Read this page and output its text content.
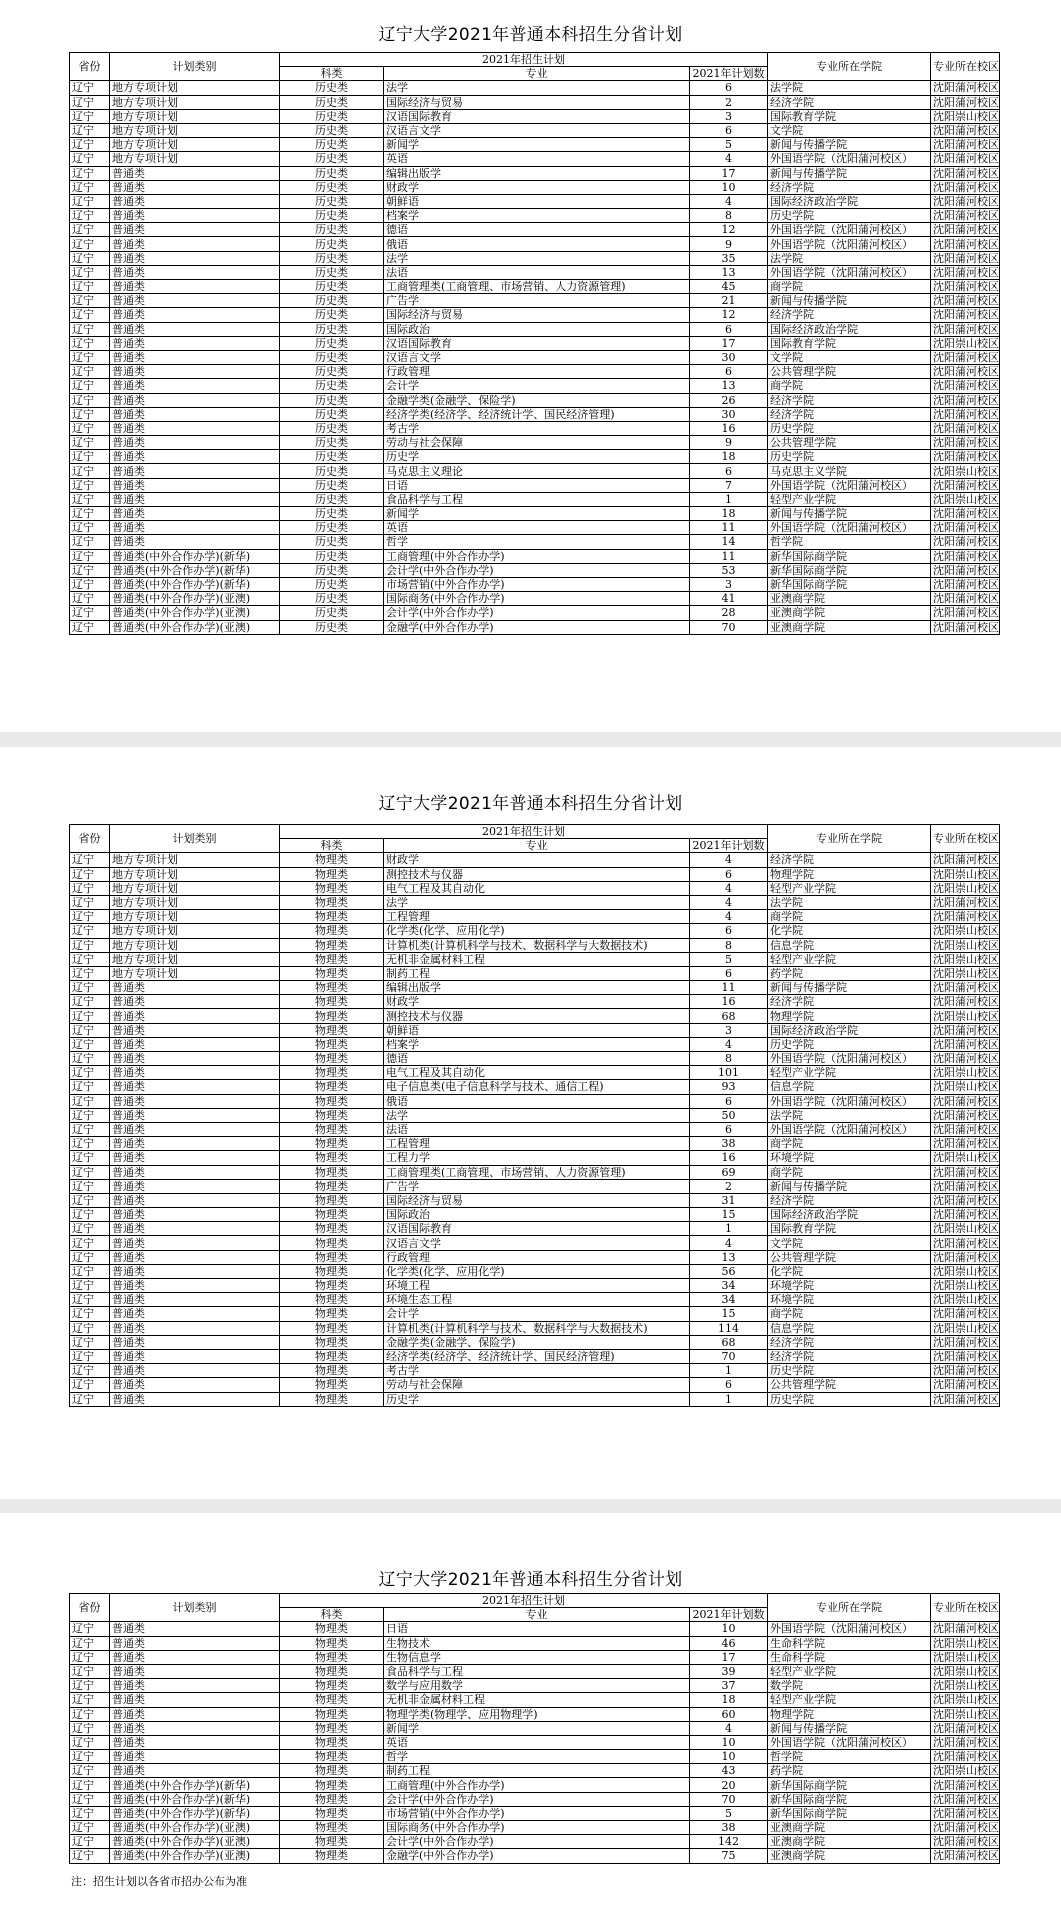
辽宁大学2021年普通本科招生分省计划
省份	计划类别	2021年招生计划			专业所在学院	专业所在校区
		科类	专业	2021年计划数		
辽宁	地方专项计划	历史类	法学	6	法学院	沈阳蒲河校区
辽宁	地方专项计划	历史类	国际经济与贸易	2	经济学院	沈阳蒲河校区
辽宁	地方专项计划	历史类	汉语国际教育	3	国际教育学院	沈阳崇山校区
辽宁	地方专项计划	历史类	汉语言文学	6	文学院	沈阳蒲河校区
辽宁	地方专项计划	历史类	新闻学	5	新闻与传播学院	沈阳蒲河校区
辽宁	地方专项计划	历史类	英语	4	外国语学院（沈阳蒲河校区）	沈阳蒲河校区
辽宁	普通类	历史类	编辑出版学	17	新闻与传播学院	沈阳蒲河校区
辽宁	普通类	历史类	财政学	10	经济学院	沈阳蒲河校区
辽宁	普通类	历史类	朝鲜语	4	国际经济政治学院	沈阳蒲河校区
辽宁	普通类	历史类	档案学	8	历史学院	沈阳蒲河校区
辽宁	普通类	历史类	德语	12	外国语学院（沈阳蒲河校区）	沈阳蒲河校区
辽宁	普通类	历史类	俄语	9	外国语学院（沈阳蒲河校区）	沈阳蒲河校区
辽宁	普通类	历史类	法学	35	法学院	沈阳蒲河校区
辽宁	普通类	历史类	法语	13	外国语学院（沈阳蒲河校区）	沈阳蒲河校区
辽宁	普通类	历史类	工商管理类(工商管理、市场营销、人力资源管理)	45	商学院	沈阳蒲河校区
辽宁	普通类	历史类	广告学	21	新闻与传播学院	沈阳蒲河校区
辽宁	普通类	历史类	国际经济与贸易	12	经济学院	沈阳蒲河校区
辽宁	普通类	历史类	国际政治	6	国际经济政治学院	沈阳蒲河校区
辽宁	普通类	历史类	汉语国际教育	17	国际教育学院	沈阳崇山校区
辽宁	普通类	历史类	汉语言文学	30	文学院	沈阳蒲河校区
辽宁	普通类	历史类	行政管理	6	公共管理学院	沈阳蒲河校区
辽宁	普通类	历史类	会计学	13	商学院	沈阳蒲河校区
辽宁	普通类	历史类	金融学类(金融学、保险学)	26	经济学院	沈阳蒲河校区
辽宁	普通类	历史类	经济学类(经济学、经济统计学、国民经济管理)	30	经济学院	沈阳蒲河校区
辽宁	普通类	历史类	考古学	16	历史学院	沈阳蒲河校区
辽宁	普通类	历史类	劳动与社会保障	9	公共管理学院	沈阳蒲河校区
辽宁	普通类	历史类	历史学	18	历史学院	沈阳蒲河校区
辽宁	普通类	历史类	马克思主义理论	6	马克思主义学院	沈阳崇山校区
辽宁	普通类	历史类	日语	7	外国语学院（沈阳蒲河校区）	沈阳蒲河校区
辽宁	普通类	历史类	食品科学与工程	1	轻型产业学院	沈阳崇山校区
辽宁	普通类	历史类	新闻学	18	新闻与传播学院	沈阳蒲河校区
辽宁	普通类	历史类	英语	11	外国语学院（沈阳蒲河校区）	沈阳蒲河校区
辽宁	普通类	历史类	哲学	14	哲学院	沈阳蒲河校区
辽宁	普通类(中外合作办学)(新华)	历史类	工商管理(中外合作办学)	11	新华国际商学院	沈阳蒲河校区
辽宁	普通类(中外合作办学)(新华)	历史类	会计学(中外合作办学)	53	新华国际商学院	沈阳蒲河校区
辽宁	普通类(中外合作办学)(新华)	历史类	市场营销(中外合作办学)	3	新华国际商学院	沈阳蒲河校区
辽宁	普通类(中外合作办学)(亚澳)	历史类	国际商务(中外合作办学)	41	亚澳商学院	沈阳蒲河校区
辽宁	普通类(中外合作办学)(亚澳)	历史类	会计学(中外合作办学)	28	亚澳商学院	沈阳蒲河校区
辽宁	普通类(中外合作办学)(亚澳)	历史类	金融学(中外合作办学)	70	亚澳商学院	沈阳蒲河校区
辽宁大学2021年普通本科招生分省计划
省份	计划类别	2021年招生计划			专业所在学院	专业所在校区
		科类	专业	2021年计划数		
辽宁	地方专项计划	物理类	财政学	4	经济学院	沈阳蒲河校区
辽宁	地方专项计划	物理类	测控技术与仪器	6	物理学院	沈阳崇山校区
辽宁	地方专项计划	物理类	电气工程及其自动化	4	轻型产业学院	沈阳崇山校区
辽宁	地方专项计划	物理类	法学	4	法学院	沈阳蒲河校区
辽宁	地方专项计划	物理类	工程管理	4	商学院	沈阳蒲河校区
辽宁	地方专项计划	物理类	化学类(化学、应用化学)	6	化学院	沈阳崇山校区
辽宁	地方专项计划	物理类	计算机类(计算机科学与技术、数据科学与大数据技术)	8	信息学院	沈阳崇山校区
辽宁	地方专项计划	物理类	无机非金属材料工程	5	轻型产业学院	沈阳崇山校区
辽宁	地方专项计划	物理类	制药工程	6	药学院	沈阳崇山校区
辽宁	普通类	物理类	编辑出版学	11	新闻与传播学院	沈阳蒲河校区
辽宁	普通类	物理类	财政学	16	经济学院	沈阳蒲河校区
辽宁	普通类	物理类	测控技术与仪器	68	物理学院	沈阳崇山校区
辽宁	普通类	物理类	朝鲜语	3	国际经济政治学院	沈阳蒲河校区
辽宁	普通类	物理类	档案学	4	历史学院	沈阳蒲河校区
辽宁	普通类	物理类	德语	8	外国语学院（沈阳蒲河校区）	沈阳蒲河校区
辽宁	普通类	物理类	电气工程及其自动化	101	轻型产业学院	沈阳崇山校区
辽宁	普通类	物理类	电子信息类(电子信息科学与技术、通信工程)	93	信息学院	沈阳崇山校区
辽宁	普通类	物理类	俄语	6	外国语学院（沈阳蒲河校区）	沈阳蒲河校区
辽宁	普通类	物理类	法学	50	法学院	沈阳蒲河校区
辽宁	普通类	物理类	法语	6	外国语学院（沈阳蒲河校区）	沈阳蒲河校区
辽宁	普通类	物理类	工程管理	38	商学院	沈阳蒲河校区
辽宁	普通类	物理类	工程力学	16	环境学院	沈阳崇山校区
辽宁	普通类	物理类	工商管理类(工商管理、市场营销、人力资源管理)	69	商学院	沈阳蒲河校区
辽宁	普通类	物理类	广告学	2	新闻与传播学院	沈阳蒲河校区
辽宁	普通类	物理类	国际经济与贸易	31	经济学院	沈阳蒲河校区
辽宁	普通类	物理类	国际政治	15	国际经济政治学院	沈阳蒲河校区
辽宁	普通类	物理类	汉语国际教育	1	国际教育学院	沈阳崇山校区
辽宁	普通类	物理类	汉语言文学	4	文学院	沈阳蒲河校区
辽宁	普通类	物理类	行政管理	13	公共管理学院	沈阳蒲河校区
辽宁	普通类	物理类	化学类(化学、应用化学)	56	化学院	沈阳崇山校区
辽宁	普通类	物理类	环境工程	34	环境学院	沈阳崇山校区
辽宁	普通类	物理类	环境生态工程	34	环境学院	沈阳崇山校区
辽宁	普通类	物理类	会计学	15	商学院	沈阳蒲河校区
辽宁	普通类	物理类	计算机类(计算机科学与技术、数据科学与大数据技术)	114	信息学院	沈阳崇山校区
辽宁	普通类	物理类	金融学类(金融学、保险学)	68	经济学院	沈阳蒲河校区
辽宁	普通类	物理类	经济学类(经济学、经济统计学、国民经济管理)	70	经济学院	沈阳蒲河校区
辽宁	普通类	物理类	考古学	1	历史学院	沈阳蒲河校区
辽宁	普通类	物理类	劳动与社会保障	6	公共管理学院	沈阳蒲河校区
辽宁	普通类	物理类	历史学	1	历史学院	沈阳蒲河校区
辽宁大学2021年普通本科招生分省计划
省份	计划类别	2021年招生计划			专业所在学院	专业所在校区
		科类	专业	2021年计划数		
辽宁	普通类	物理类	日语	10	外国语学院（沈阳蒲河校区）	沈阳蒲河校区
辽宁	普通类	物理类	生物技术	46	生命科学院	沈阳崇山校区
辽宁	普通类	物理类	生物信息学	17	生命科学院	沈阳崇山校区
辽宁	普通类	物理类	食品科学与工程	39	轻型产业学院	沈阳崇山校区
辽宁	普通类	物理类	数学与应用数学	37	数学院	沈阳崇山校区
辽宁	普通类	物理类	无机非金属材料工程	18	轻型产业学院	沈阳崇山校区
辽宁	普通类	物理类	物理学类(物理学、应用物理学)	60	物理学院	沈阳崇山校区
辽宁	普通类	物理类	新闻学	4	新闻与传播学院	沈阳蒲河校区
辽宁	普通类	物理类	英语	10	外国语学院（沈阳蒲河校区）	沈阳蒲河校区
辽宁	普通类	物理类	哲学	10	哲学院	沈阳蒲河校区
辽宁	普通类	物理类	制药工程	43	药学院	沈阳崇山校区
辽宁	普通类(中外合作办学)(新华)	物理类	工商管理(中外合作办学)	20	新华国际商学院	沈阳蒲河校区
辽宁	普通类(中外合作办学)(新华)	物理类	会计学(中外合作办学)	70	新华国际商学院	沈阳蒲河校区
辽宁	普通类(中外合作办学)(新华)	物理类	市场营销(中外合作办学)	5	新华国际商学院	沈阳蒲河校区
辽宁	普通类(中外合作办学)(亚澳)	物理类	国际商务(中外合作办学)	38	亚澳商学院	沈阳蒲河校区
辽宁	普通类(中外合作办学)(亚澳)	物理类	会计学(中外合作办学)	142	亚澳商学院	沈阳蒲河校区
辽宁	普通类(中外合作办学)(亚澳)	物理类	金融学(中外合作办学)	75	亚澳商学院	沈阳蒲河校区
注：招生计划以各省市招办公布为准
